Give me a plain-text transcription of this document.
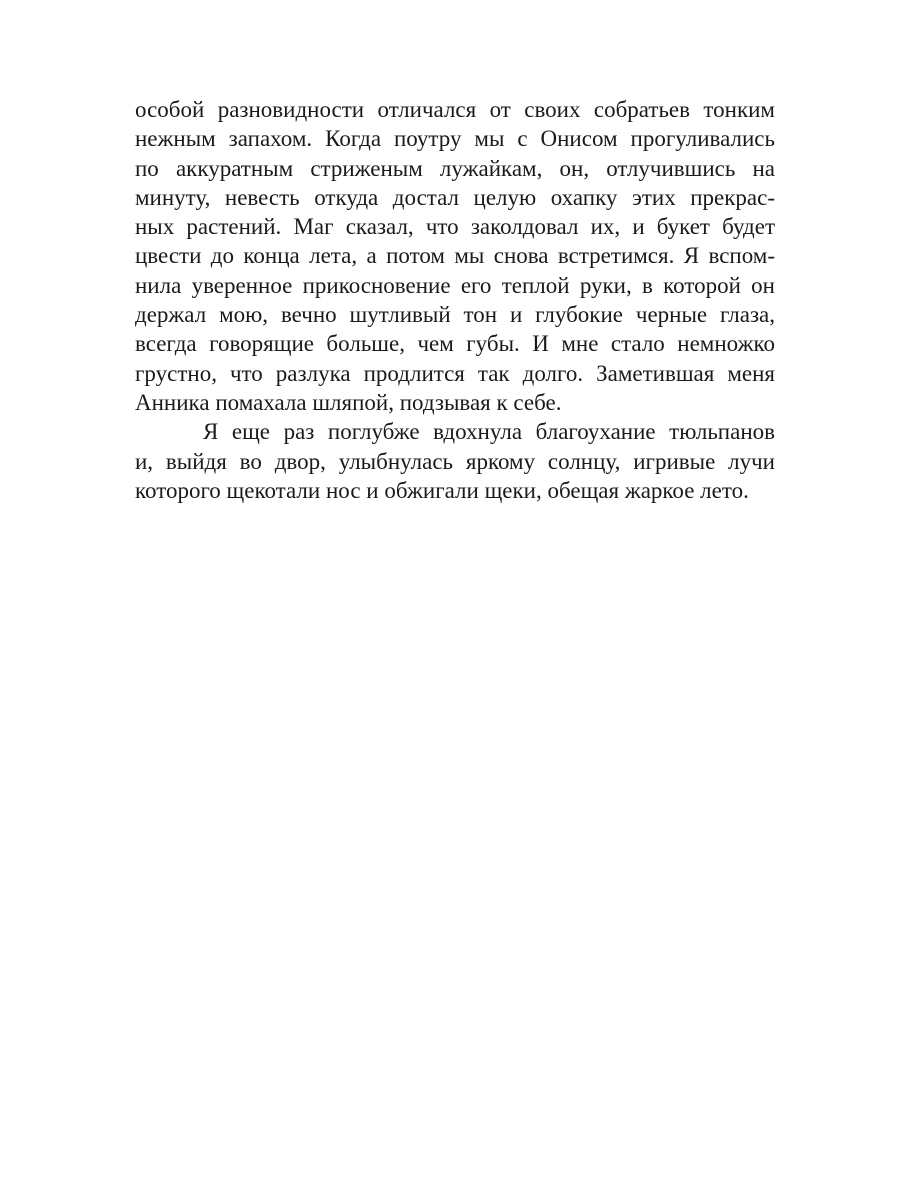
особой разновидности отличался от своих собратьев тонким
нежным запахом. Когда поутру мы с Онисом прогуливались
по аккуратным стриженым лужайкам, он, отлучившись на
минуту, невесть откуда достал целую охапку этих прекрас-
ных растений. Маг сказал, что заколдовал их, и букет будет
цвести до конца лета, а потом мы снова встретимся. Я вспом-
нила уверенное прикосновение его теплой руки, в которой он
держал мою, вечно шутливый тон и глубокие черные глаза,
всегда говорящие больше, чем губы. И мне стало немножко
грустно, что разлука продлится так долго. Заметившая меня
Анника помахала шляпой, подзывая к себе.
Я еще раз поглубже вдохнула благоухание тюльпанов
и, выйдя во двор, улыбнулась яркому солнцу, игривые лучи
которого щекотали нос и обжигали щеки, обещая жаркое лето.
